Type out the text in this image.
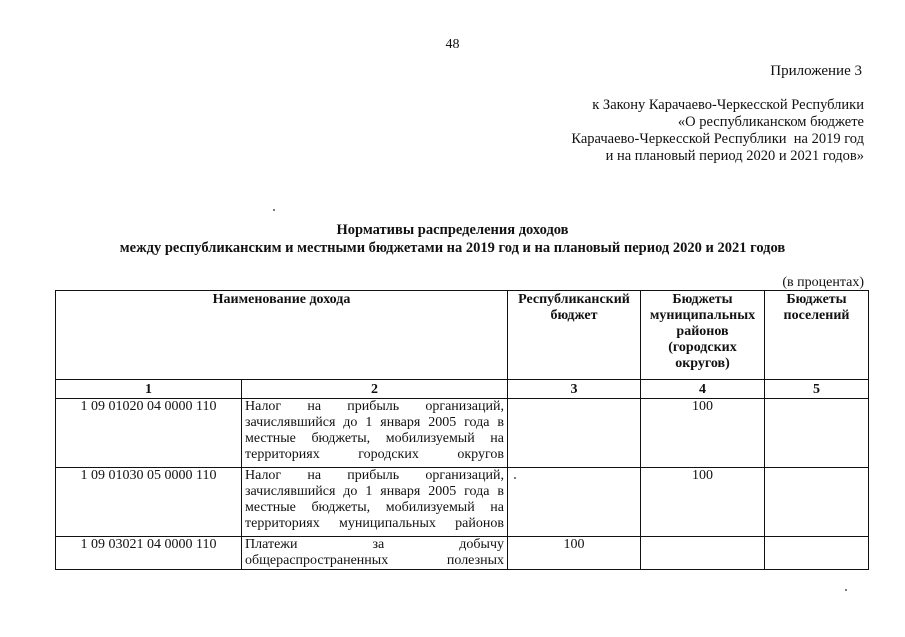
48
Приложение 3
к Закону Карачаево-Черкесской Республики
«О республиканском бюджете
Карачаево-Черкесской Республики  на 2019 год
и на плановый период 2020 и 2021 годов»
Нормативы распределения доходов
между республиканским и местными бюджетами на 2019 год и на плановый период 2020 и 2021 годов
(в процентах)
Наименование дохода		Республиканский бюджет	Бюджеты муниципальных районов (городских округов)	Бюджеты поселений
1	2	3	4	5
1 09 01020 04 0000 110	Налог на прибыль организаций, зачислявшийся до 1 января 2005 года в местные бюджеты, мобилизуемый на территориях городских округов		100	
1 09 01030 05 0000 110	Налог на прибыль организаций, зачислявшийся до 1 января 2005 года в местные бюджеты, мобилизуемый на территориях муниципальных районов		100	
1 09 03021 04 0000 110	Платежи за добычу общераспространенных полезных	100		
